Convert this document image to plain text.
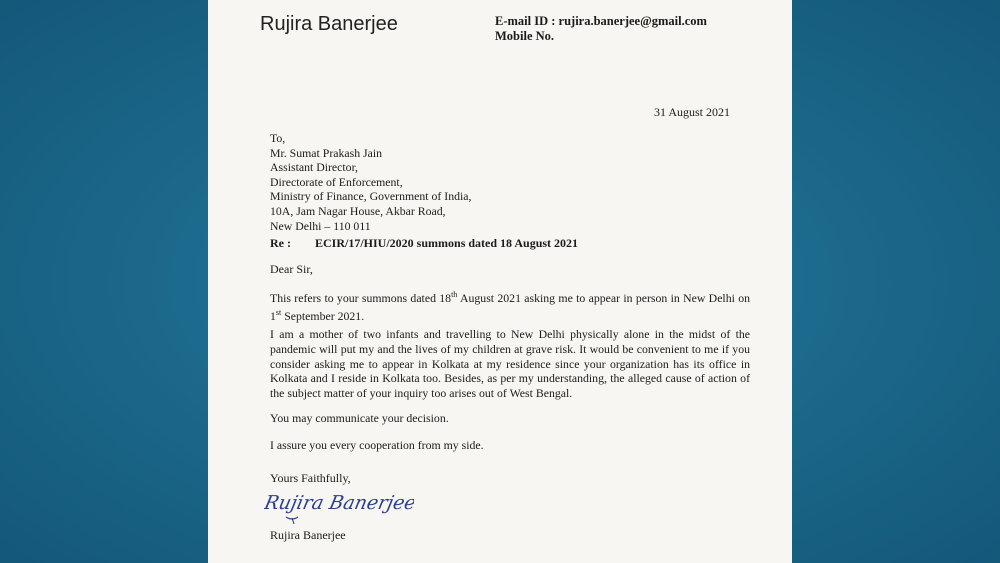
Rujira Banerjee	E-mail ID : rujira.banerjee@gmail.com
Mobile No.
31 August 2021
To,
Mr. Sumat Prakash Jain
Assistant Director,
Directorate of Enforcement,
Ministry of Finance, Government of India,
10A, Jam Nagar House, Akbar Road,
New Delhi – 110 011
Re : ECIR/17/HIU/2020 summons dated 18 August 2021
Dear Sir,
This refers to your summons dated 18th August 2021 asking me to appear in person in New Delhi on 1st September 2021.
I am a mother of two infants and travelling to New Delhi physically alone in the midst of the pandemic will put my and the lives of my children at grave risk. It would be convenient to me if you consider asking me to appear in Kolkata at my residence since your organization has its office in Kolkata and I reside in Kolkata too. Besides, as per my understanding, the alleged cause of action of the subject matter of your inquiry too arises out of West Bengal.
You may communicate your decision.
I assure you every cooperation from my side.
Yours Faithfully,
Rujira Banerjee
Rujira Banerjee
